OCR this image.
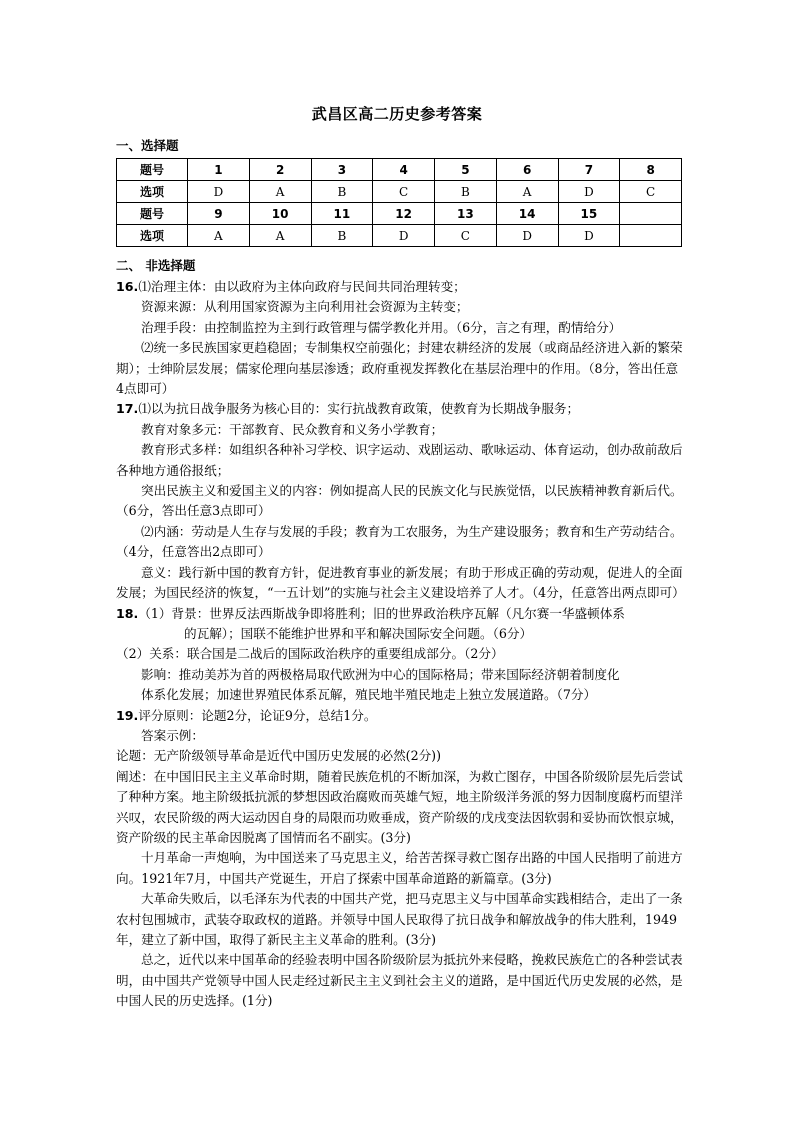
武昌区高二历史参考答案
一、选择题
题号	1	2	3	4	5	6	7	8
选项	D	A	B	C	B	A	D	C
题号	9	10	11	12	13	14	15	
选项	A	A	B	D	C	D	D	
二、 非选择题

16.⑴治理主体：由以政府为主体向政府与民间共同治理转变；

资源来源：从利用国家资源为主向利用社会资源为主转变；

治理手段：由控制监控为主到行政管理与儒学教化并用。（6分，言之有理，酌情给分）

⑵统一多民族国家更趋稳固；专制集权空前强化；封建农耕经济的发展（或商品经济进入新的繁荣期）；士绅阶层发展；儒家伦理向基层渗透；政府重视发挥教化在基层治理中的作用。（8分，答出任意4点即可）

17.⑴以为抗日战争服务为核心目的：实行抗战教育政策，使教育为长期战争服务；

教育对象多元：干部教育、民众教育和义务小学教育；

教育形式多样：如组织各种补习学校、识字运动、戏剧运动、歌咏运动、体育运动，创办敌前敌后各种地方通俗报纸；

突出民族主义和爱国主义的内容：例如提高人民的民族文化与民族觉悟，以民族精神教育新后代。（6分，答出任意3点即可）

⑵内涵：劳动是人生存与发展的手段；教育为工农服务，为生产建设服务；教育和生产劳动结合。（4分，任意答出2点即可）

意义：践行新中国的教育方针，促进教育事业的新发展；有助于形成正确的劳动观，促进人的全面发展；为国民经济的恢复，“一五计划”的实施与社会主义建设培养了人才。（4分，任意答出两点即可）

18.（1）背景：世界反法西斯战争即将胜利；旧的世界政治秩序瓦解（凡尔赛一华盛顿体系

的瓦解）；国联不能维护世界和平和解决国际安全问题。（6分）

（2）关系：联合国是二战后的国际政治秩序的重要组成部分。（2分）

影响：推动美苏为首的两极格局取代欧洲为中心的国际格局；带来国际经济朝着制度化

体系化发展；加速世界殖民体系瓦解，殖民地半殖民地走上独立发展道路。（7分）

19.评分原则：论题2分，论证9分，总结1分。

答案示例：

论题：无产阶级领导革命是近代中国历史发展的必然(2分))

阐述：在中国旧民主主义革命时期，随着民族危机的不断加深，为救亡图存，中国各阶级阶层先后尝试了种种方案。地主阶级抵抗派的梦想因政治腐败而英雄气短，地主阶级洋务派的努力因制度腐朽而望洋兴叹，农民阶级的两大运动因自身的局限而功败垂成，资产阶级的戊戌变法因软弱和妥协而饮恨京城，资产阶级的民主革命因脱离了国情而名不副实。(3分)

十月革命一声炮响，为中国送来了马克思主义，给苦苦探寻救亡图存出路的中国人民指明了前进方向。1921年7月，中国共产党诞生，开启了探索中国革命道路的新篇章。(3分)

大革命失败后，以毛泽东为代表的中国共产党，把马克思主义与中国革命实践相结合，走出了一条农村包围城市，武装夺取政权的道路。并领导中国人民取得了抗日战争和解放战争的伟大胜利，1949年，建立了新中国，取得了新民主主义革命的胜利。(3分)

总之，近代以来中国革命的经验表明中国各阶级阶层为抵抗外来侵略，挽救民族危亡的各种尝试表明，由中国共产党领导中国人民走经过新民主主义到社会主义的道路，是中国近代历史发展的必然，是中国人民的历史选择。(1分)
